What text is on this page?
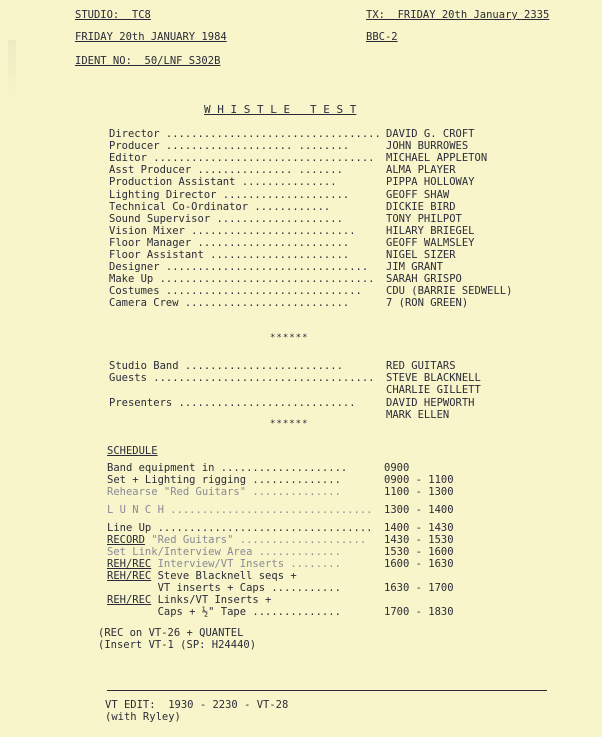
STUDIO:  TC8	TX:  FRIDAY 20th January 2335
FRIDAY 20th JANUARY 1984	BBC-2
IDENT NO:  50/LNF S302B
W H I S T L E   T E S T
Director .................................. DAVID G. CROFT
Producer .................... ........	JOHN BURROWES
Editor ................................... MICHAEL APPLETON
Asst Producer ............... .......	ALMA PLAYER
Production Assistant ...............	PIPPA HOLLOWAY
Lighting Director ....................	GEOFF SHAW
Technical Co-Ordinator ............	DICKIE BIRD
Sound Supervisor ....................	TONY PHILPOT
Vision Mixer ..........................	HILARY BRIEGEL
Floor Manager ........................	GEOFF WALMSLEY
Floor Assistant ......................	NIGEL SIZER
Designer ................................ JIM GRANT
Make Up .................................. SARAH GRISPO
Costumes ............................... CDU (BARRIE SEDWELL)
Camera Crew ..........................	7 (RON GREEN)
******
Studio Band .........................	RED GUITARS
Guests ................................... STEVE BLACKNELL
CHARLIE GILLETT
Presenters ............................	DAVID HEPWORTH
MARK ELLEN
******
SCHEDULE
Band equipment in ....................	0900
Set + Lighting rigging ..............	0900 - 1100
Rehearse "Red Guitars" ..............	1100 - 1300
L U N C H ................................ 1300 - 1400
Line Up .................................. 1400 - 1430
RECORD "Red Guitars" .................... 1430 - 1530
Set Link/Interview Area .............	1530 - 1600
REH/REC Interview/VT Inserts ........	1600 - 1630
REH/REC Steve Blacknell seqs +
VT inserts + Caps ...........	1630 - 1700
REH/REC Links/VT Inserts +
Caps + ½" Tape ..............	1700 - 1830
(REC on VT-26 + QUANTEL
(Insert VT-1 (SP: H24440)
VT EDIT:  1930 - 2230 - VT-28
(with Ryley)
